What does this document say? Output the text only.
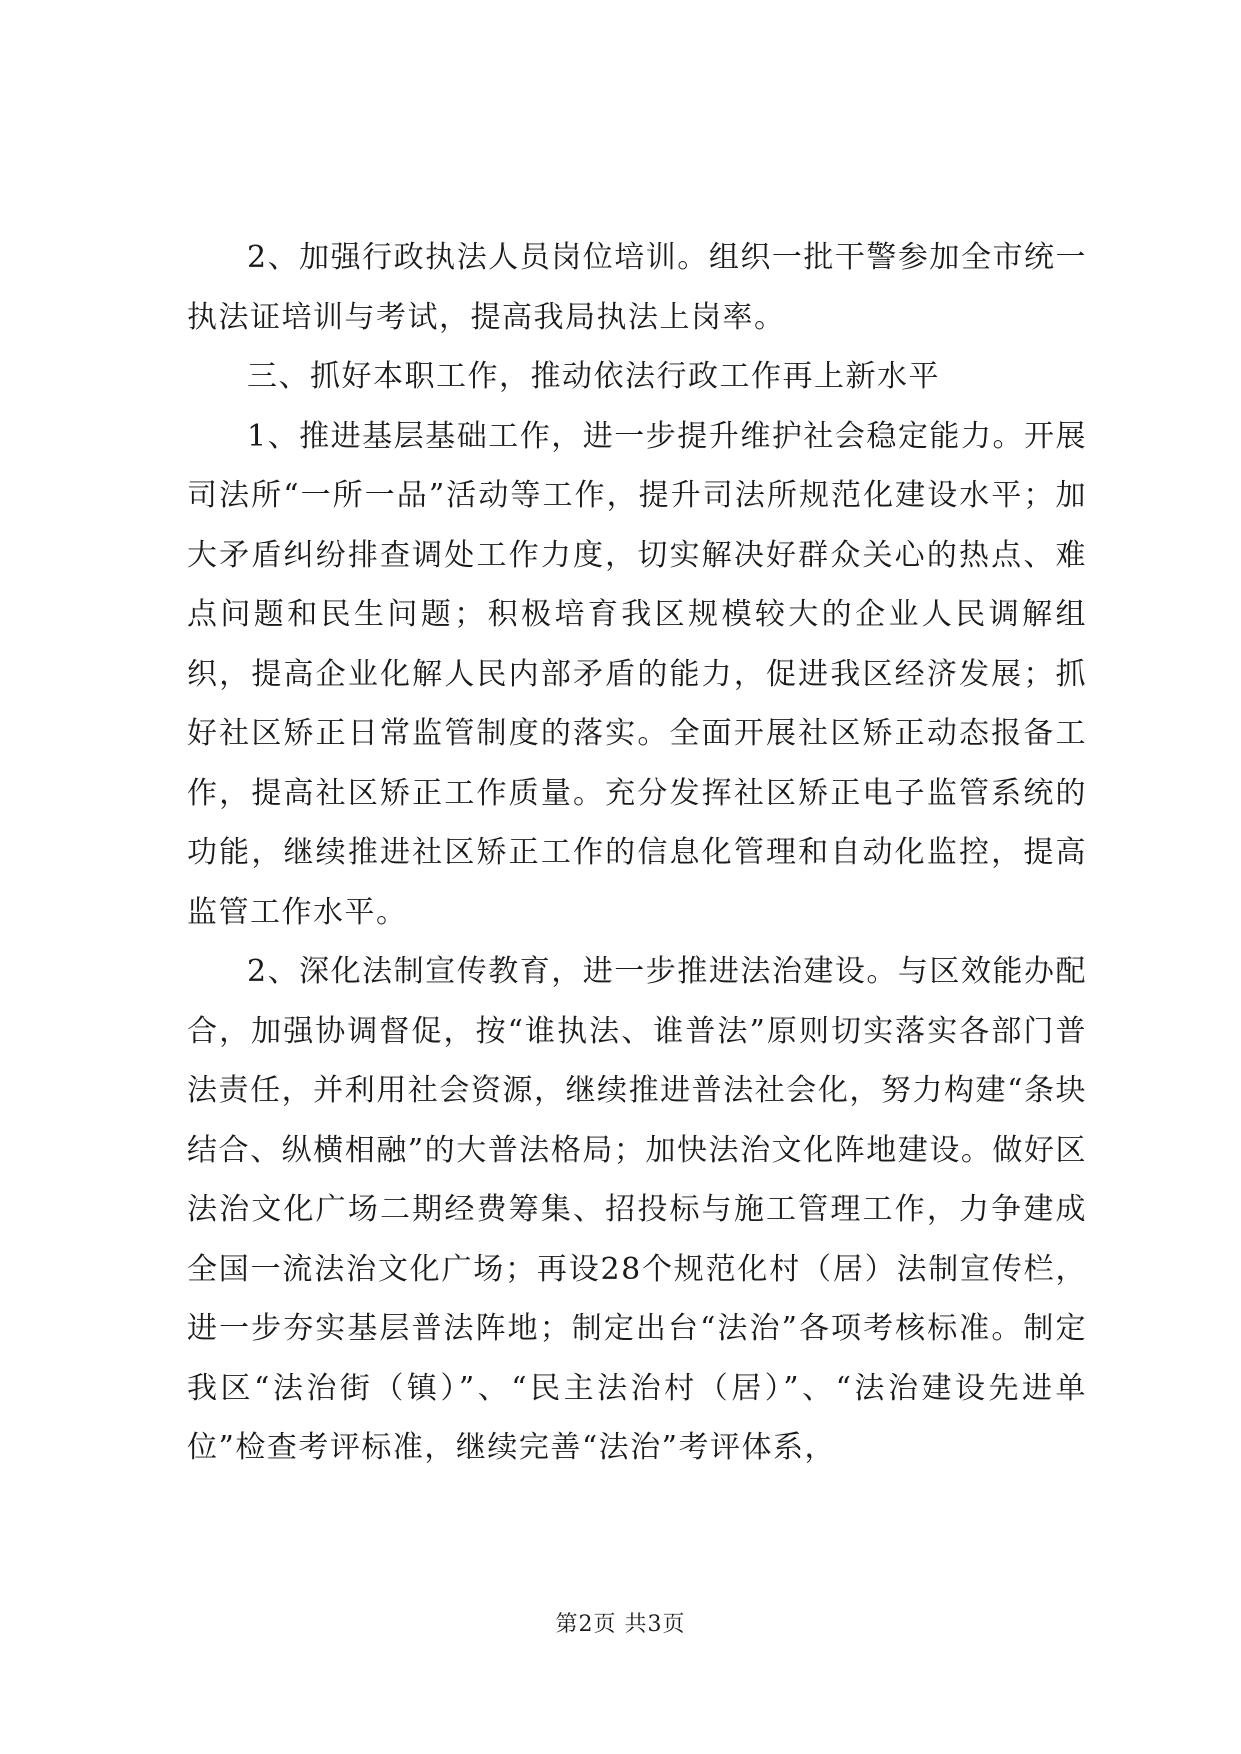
2、加强行政执法人员岗位培训。组织一批干警参加全市统一执法证培训与考试，提高我局执法上岗率。

三、抓好本职工作，推动依法行政工作再上新水平

1、推进基层基础工作，进一步提升维护社会稳定能力。开展司法所“一所一品”活动等工作，提升司法所规范化建设水平；加大矛盾纠纷排查调处工作力度，切实解决好群众关心的热点、难点问题和民生问题；积极培育我区规模较大的企业人民调解组织，提高企业化解人民内部矛盾的能力，促进我区经济发展；抓好社区矫正日常监管制度的落实。全面开展社区矫正动态报备工作，提高社区矫正工作质量。充分发挥社区矫正电子监管系统的功能，继续推进社区矫正工作的信息化管理和自动化监控，提高监管工作水平。

2、深化法制宣传教育，进一步推进法治建设。与区效能办配合，加强协调督促，按“谁执法、谁普法”原则切实落实各部门普法责任，并利用社会资源，继续推进普法社会化，努力构建“条块结合、纵横相融”的大普法格局；加快法治文化阵地建设。做好区法治文化广场二期经费筹集、招投标与施工管理工作，力争建成全国一流法治文化广场；再设28个规范化村（居）法制宣传栏，进一步夯实基层普法阵地；制定出台“法治”各项考核标准。制定我区“法治街（镇）”、“民主法治村（居）”、“法治建设先进单位”检查考评标准，继续完善“法治”考评体系，

第2页 共3页
